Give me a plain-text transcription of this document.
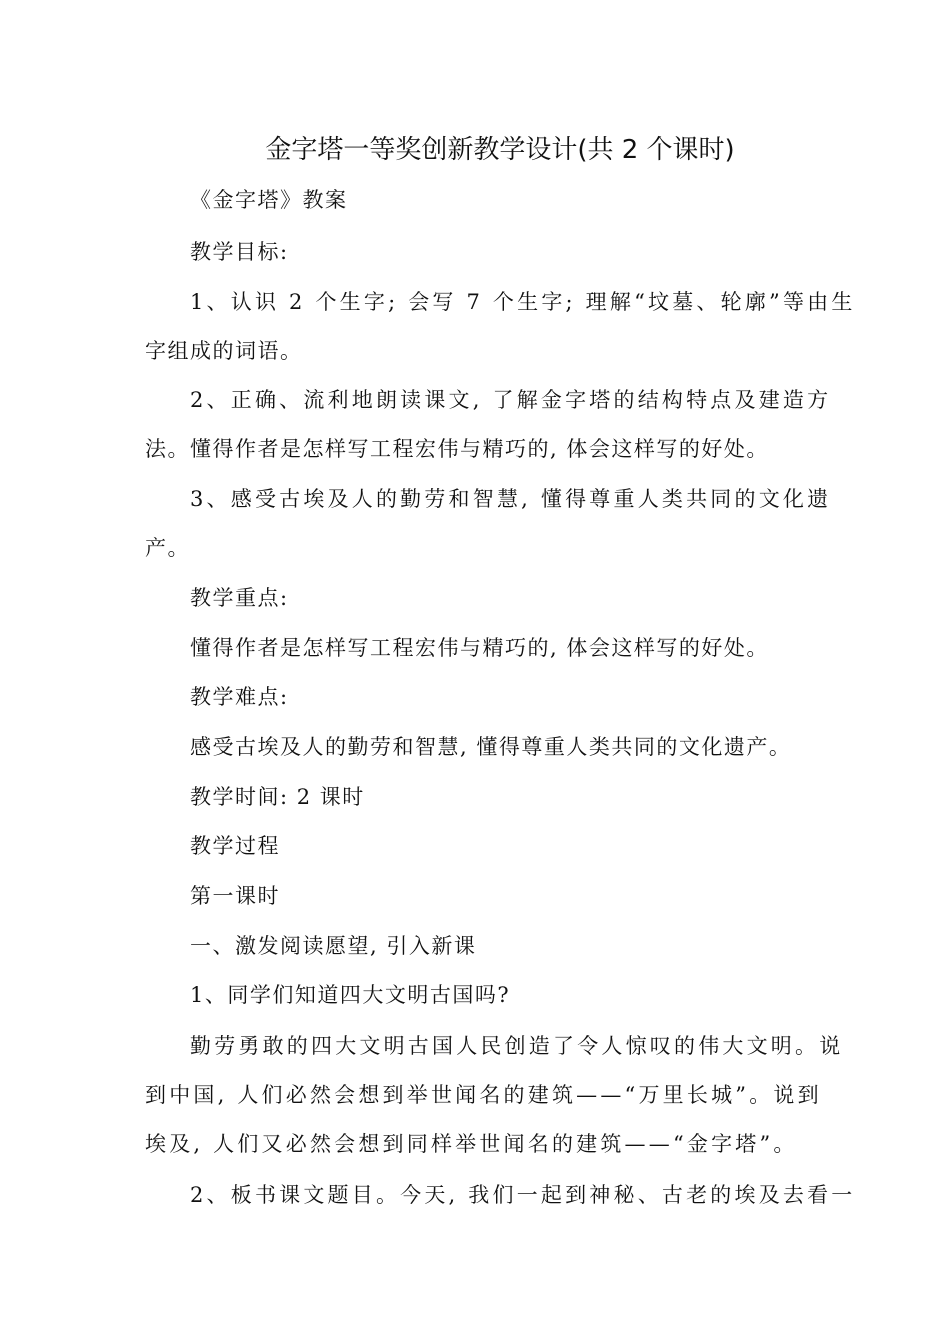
金字塔一等奖创新教学设计(共 2 个课时)

《金字塔》教案

教学目标:

1、认识 2 个生字; 会写 7 个生字; 理解“坟墓、轮廓”等由生

字组成的词语。

2、正确、流利地朗读课文, 了解金字塔的结构特点及建造方

法。懂得作者是怎样写工程宏伟与精巧的, 体会这样写的好处。

3、感受古埃及人的勤劳和智慧, 懂得尊重人类共同的文化遗

产。

教学重点:

懂得作者是怎样写工程宏伟与精巧的, 体会这样写的好处。

教学难点:

感受古埃及人的勤劳和智慧, 懂得尊重人类共同的文化遗产。

教学时间: 2 课时

教学过程

第一课时

一、激发阅读愿望, 引入新课

1、同学们知道四大文明古国吗?

勤劳勇敢的四大文明古国人民创造了令人惊叹的伟大文明。说

到中国, 人们必然会想到举世闻名的建筑——“万里长城”。说到

埃及, 人们又必然会想到同样举世闻名的建筑——“金字塔”。

2、板书课文题目。今天, 我们一起到神秘、古老的埃及去看一
